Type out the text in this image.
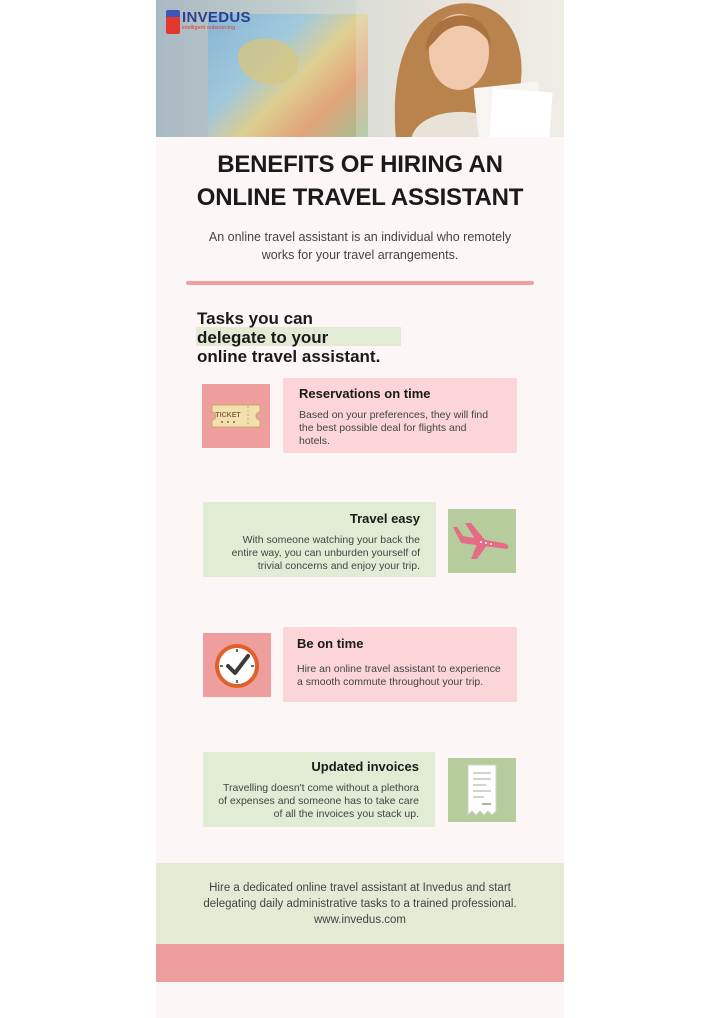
INVEDUS
intelligent outsourcing
BENEFITS OF HIRING AN
ONLINE TRAVEL ASSISTANT
An online travel assistant is an individual who remotely
works for your travel arrangements.
Tasks you can
delegate to your
online travel assistant.
TICKET
Reservations on time

Based on your preferences, they will find

the best possible deal for flights and

hotels.

Travel easy

With someone watching your back the

entire way, you can unburden yourself of

trivial concerns and enjoy your trip.

Be on time

Hire an online travel assistant to experience

a smooth commute throughout your trip.

Updated invoices

Travelling doesn't come without a plethora

of expenses and someone has to take care

of all the invoices you stack up.

Hire a dedicated online travel assistant at Invedus and start
delegating daily administrative tasks to a trained professional.
www.invedus.com
